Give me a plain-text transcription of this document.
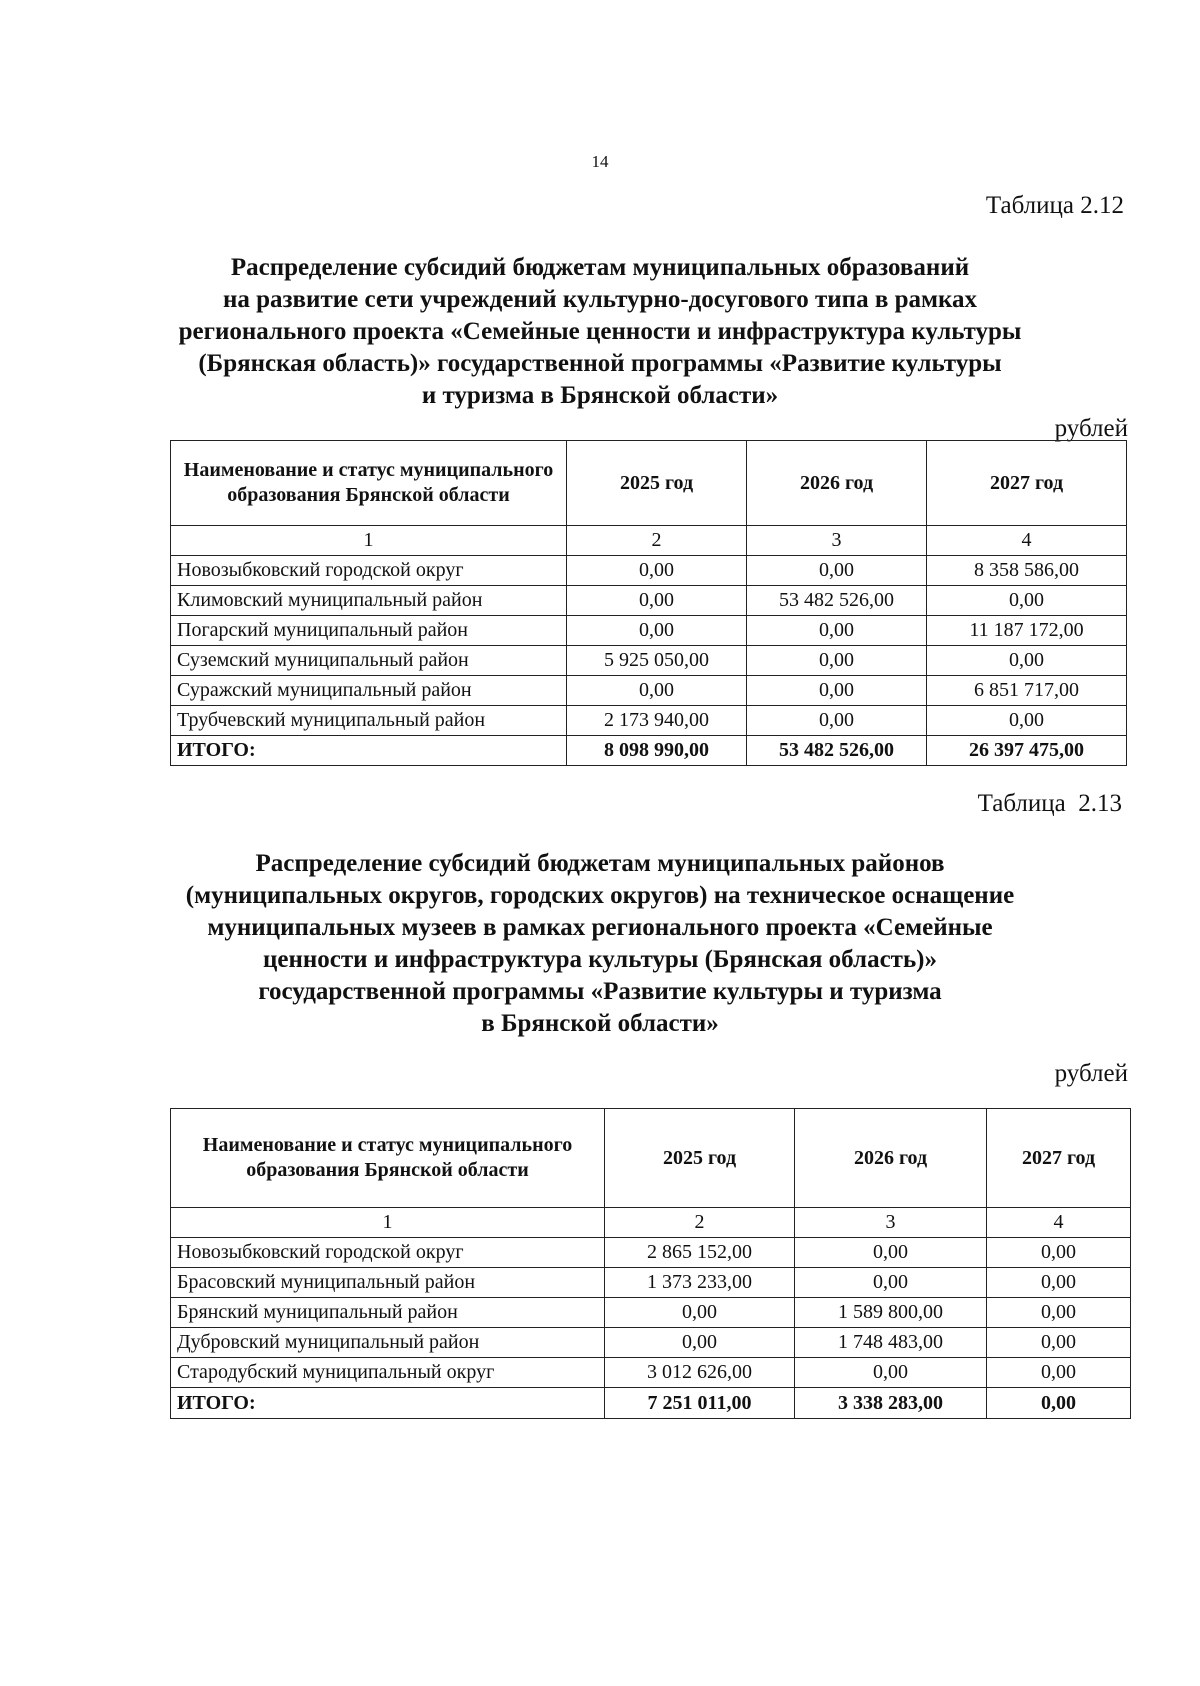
14
Таблица 2.12
Распределение субсидий бюджетам муниципальных образований
на развитие сети учреждений культурно-досугового типа в рамках
регионального проекта «Семейные ценности и инфраструктура культуры
(Брянская область)» государственной программы «Развитие культуры
и туризма в Брянской области»
рублей
Наименование и статус муниципального образования Брянской области	2025 год	2026 год	2027 год
1	2	3	4
Новозыбковский городской округ	0,00	0,00	8 358 586,00
Климовский муниципальный район	0,00	53 482 526,00	0,00
Погарский муниципальный район	0,00	0,00	11 187 172,00
Суземский муниципальный район	5 925 050,00	0,00	0,00
Суражский муниципальный район	0,00	0,00	6 851 717,00
Трубчевский муниципальный район	2 173 940,00	0,00	0,00
ИТОГО:	8 098 990,00	53 482 526,00	26 397 475,00
Таблица  2.13
Распределение субсидий бюджетам муниципальных районов
(муниципальных округов, городских округов) на техническое оснащение
муниципальных музеев в рамках регионального проекта «Семейные
ценности и инфраструктура культуры (Брянская область)»
государственной программы «Развитие культуры и туризма
в Брянской области»
рублей
Наименование и статус муниципального образования Брянской области	2025 год	2026 год	2027 год
1	2	3	4
Новозыбковский городской округ	2 865 152,00	0,00	0,00
Брасовский муниципальный район	1 373 233,00	0,00	0,00
Брянский муниципальный район	0,00	1 589 800,00	0,00
Дубровский муниципальный район	0,00	1 748 483,00	0,00
Стародубский муниципальный округ	3 012 626,00	0,00	0,00
ИТОГО:	7 251 011,00	3 338 283,00	0,00
